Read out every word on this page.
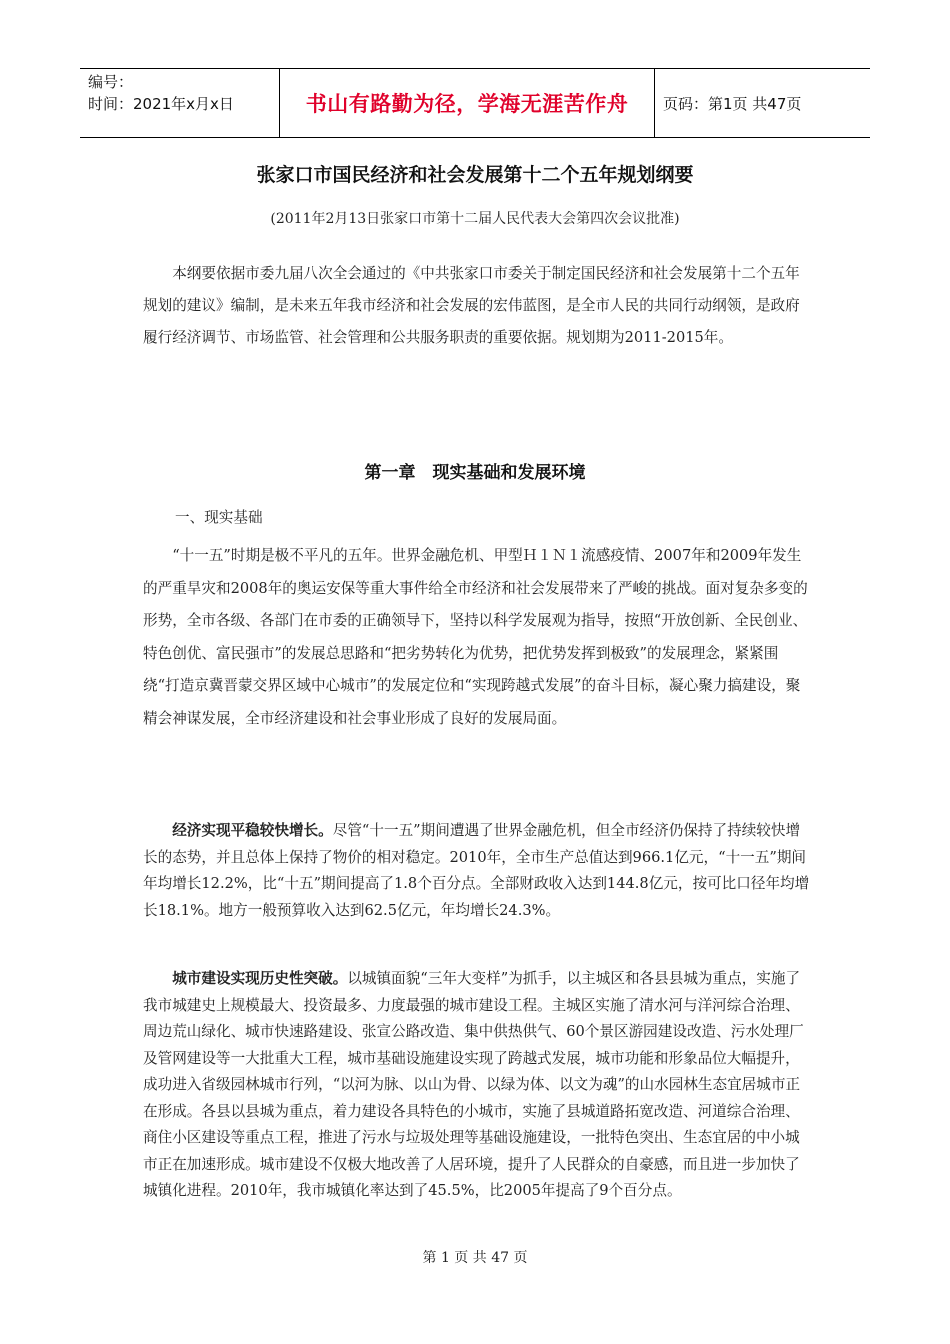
编号：
时间：2021年x月x日	书山有路勤为径，学海无涯苦作舟	页码：第1页 共47页
张家口市国民经济和社会发展第十二个五年规划纲要
(2011年2月13日张家口市第十二届人民代表大会第四次会议批准)

本纲要依据市委九届八次全会通过的《中共张家口市委关于制定国民经济和社会发展第十二个五年规划的建议》编制，是未来五年我市经济和社会发展的宏伟蓝图，是全市人民的共同行动纲领，是政府履行经济调节、市场监管、社会管理和公共服务职责的重要依据。规划期为2011-2015年。

第一章　现实基础和发展环境
一、现实基础

“十一五”时期是极不平凡的五年。世界金融危机、甲型Ｈ１Ｎ１流感疫情、2007年和2009年发生的严重旱灾和2008年的奥运安保等重大事件给全市经济和社会发展带来了严峻的挑战。面对复杂多变的形势，全市各级、各部门在市委的正确领导下，坚持以科学发展观为指导，按照“开放创新、全民创业、特色创优、富民强市”的发展总思路和“把劣势转化为优势，把优势发挥到极致”的发展理念，紧紧围绕“打造京冀晋蒙交界区域中心城市”的发展定位和“实现跨越式发展”的奋斗目标，凝心聚力搞建设，聚精会神谋发展，全市经济建设和社会事业形成了良好的发展局面。

经济实现平稳较快增长。尽管“十一五”期间遭遇了世界金融危机，但全市经济仍保持了持续较快增长的态势，并且总体上保持了物价的相对稳定。2010年，全市生产总值达到966.1亿元，“十一五”期间年均增长12.2%，比“十五”期间提高了1.8个百分点。全部财政收入达到144.8亿元，按可比口径年均增长18.1%。地方一般预算收入达到62.5亿元，年均增长24.3%。

城市建设实现历史性突破。以城镇面貌“三年大变样”为抓手，以主城区和各县县城为重点，实施了我市城建史上规模最大、投资最多、力度最强的城市建设工程。主城区实施了清水河与洋河综合治理、周边荒山绿化、城市快速路建设、张宣公路改造、集中供热供气、60个景区游园建设改造、污水处理厂及管网建设等一大批重大工程，城市基础设施建设实现了跨越式发展，城市功能和形象品位大幅提升，成功进入省级园林城市行列，“以河为脉、以山为骨、以绿为体、以文为魂”的山水园林生态宜居城市正在形成。各县以县城为重点，着力建设各具特色的小城市，实施了县城道路拓宽改造、河道综合治理、商住小区建设等重点工程，推进了污水与垃圾处理等基础设施建设，一批特色突出、生态宜居的中小城市正在加速形成。城市建设不仅极大地改善了人居环境，提升了人民群众的自豪感，而且进一步加快了城镇化进程。2010年，我市城镇化率达到了45.5%，比2005年提高了9个百分点。

第 1 页 共 47 页
